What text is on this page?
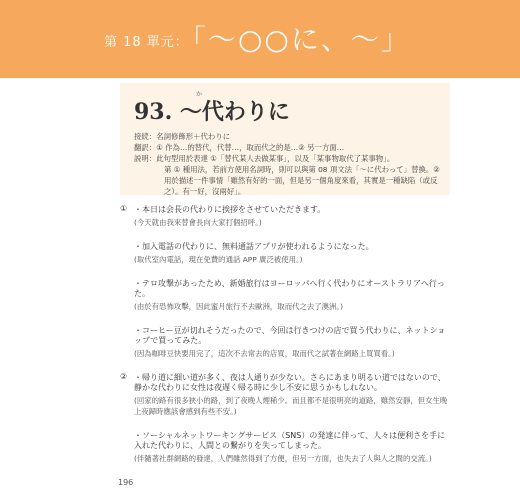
第 18 單元：
「〜○○に、〜」
か
93. 〜代わりに
接続： 名詞修飾形＋代わりに
翻訳： ① 作為…的替代，代替…，取而代之的是…② 另一方面…
説明： 此句型用於表達 ①「替代某人去做某事」，以及「某事物取代了某事物」。
第 ① 種用法，若前方使用名詞時，則可以與第 08 項文法「〜に代わって」替換。② 用於描述一件事情「雖然有好的一面，但是另一個角度來看，其實是一種缺陷（或反之）。有一好，沒兩好」。
① ・本日は会長の代わりに挨拶をさせていただきます。
(今天就由我來替會長向大家打個招呼。)
・加入電話の代わりに、無料通話アプリが使われるようになった。
(取代室內電話，現在免費的通話 APP 廣泛被使用。)
・テロ攻撃があったため、新婚旅行はヨーロッパへ行く代わりにオーストラリアへ行った。
(由於有恐怖攻擊，因此蜜月旅行不去歐洲，取而代之去了澳洲。)
・コーヒー豆が切れそうだったので、今回は行きつけの店で買う代わりに、ネットショップで買ってみた。
(因為咖啡豆快要用完了，這次不去常去的店買，取而代之試著在網路上買買看。)
② ・帰り道に細い道が多く、夜は人通りが少ない。さらにあまり明るい道ではないので、静かな代わりに女性は夜遅く帰る時に少し不安に思うかもしれない。
(回家的路有很多狹小的路，到了夜晚人煙稀少。而且都不是很明亮的道路，雖然安靜，但女生晚上夜歸時應該會感到有些不安。)
・ソーシャルネットワーキングサービス（SNS）の発達に伴って、人々は便利さを手に入れた代わりに、人間との繋がりを失ってしまった。
(伴隨著社群網路的發達，人們雖然得到了方便，但另一方面，也失去了人與人之間的交流。)
196
